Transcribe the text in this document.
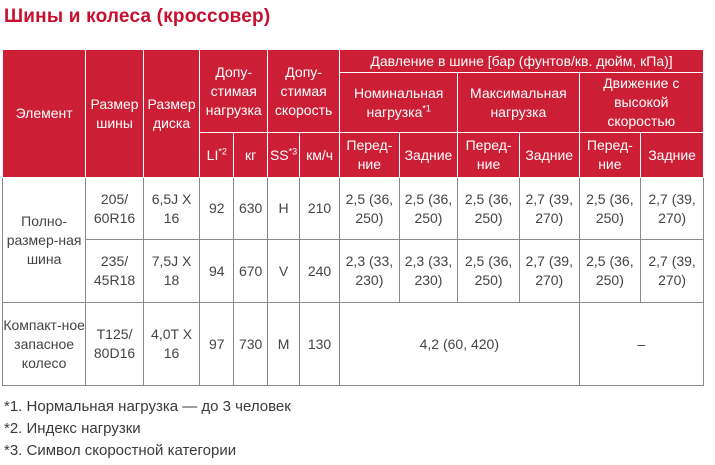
Шины и колеса (кроссовер)
Элемент	Размер шины	Размер диска	Допу-стимая нагрузка		Допу-стимая скорость		Давление в шине [бар (фунтов/кв. дюйм, кПа)]					
							Номинальная нагрузка$^{*1}$		Максимальная нагрузка		Движение с высокой скоростью	
			LI$^{*2}$	кг	SS$^{*3}$	км/ч	Перед-ние	Задние	Перед-ние	Задние	Перед-ние	Задние
Полно-размер-ная шина	205/ 60R16	6,5J X 16	92	630	H	210	2,5 (36, 250)	2,5 (36, 250)	2,5 (36, 250)	2,7 (39, 270)	2,5 (36, 250)	2,7 (39, 270)
	235/ 45R18	7,5J X 18	94	670	V	240	2,3 (33, 230)	2,3 (33, 230)	2,5 (36, 250)	2,7 (39, 270)	2,5 (36, 250)	2,7 (39, 270)
Компакт-ное запасное колесо	T125/ 80D16	4,0T X 16	97	730	M	130	4,2 (60, 420)				–	
*1. Нормальная нагрузка — до 3 человек
*2. Индекс нагрузки
*3. Символ скоростной категории
